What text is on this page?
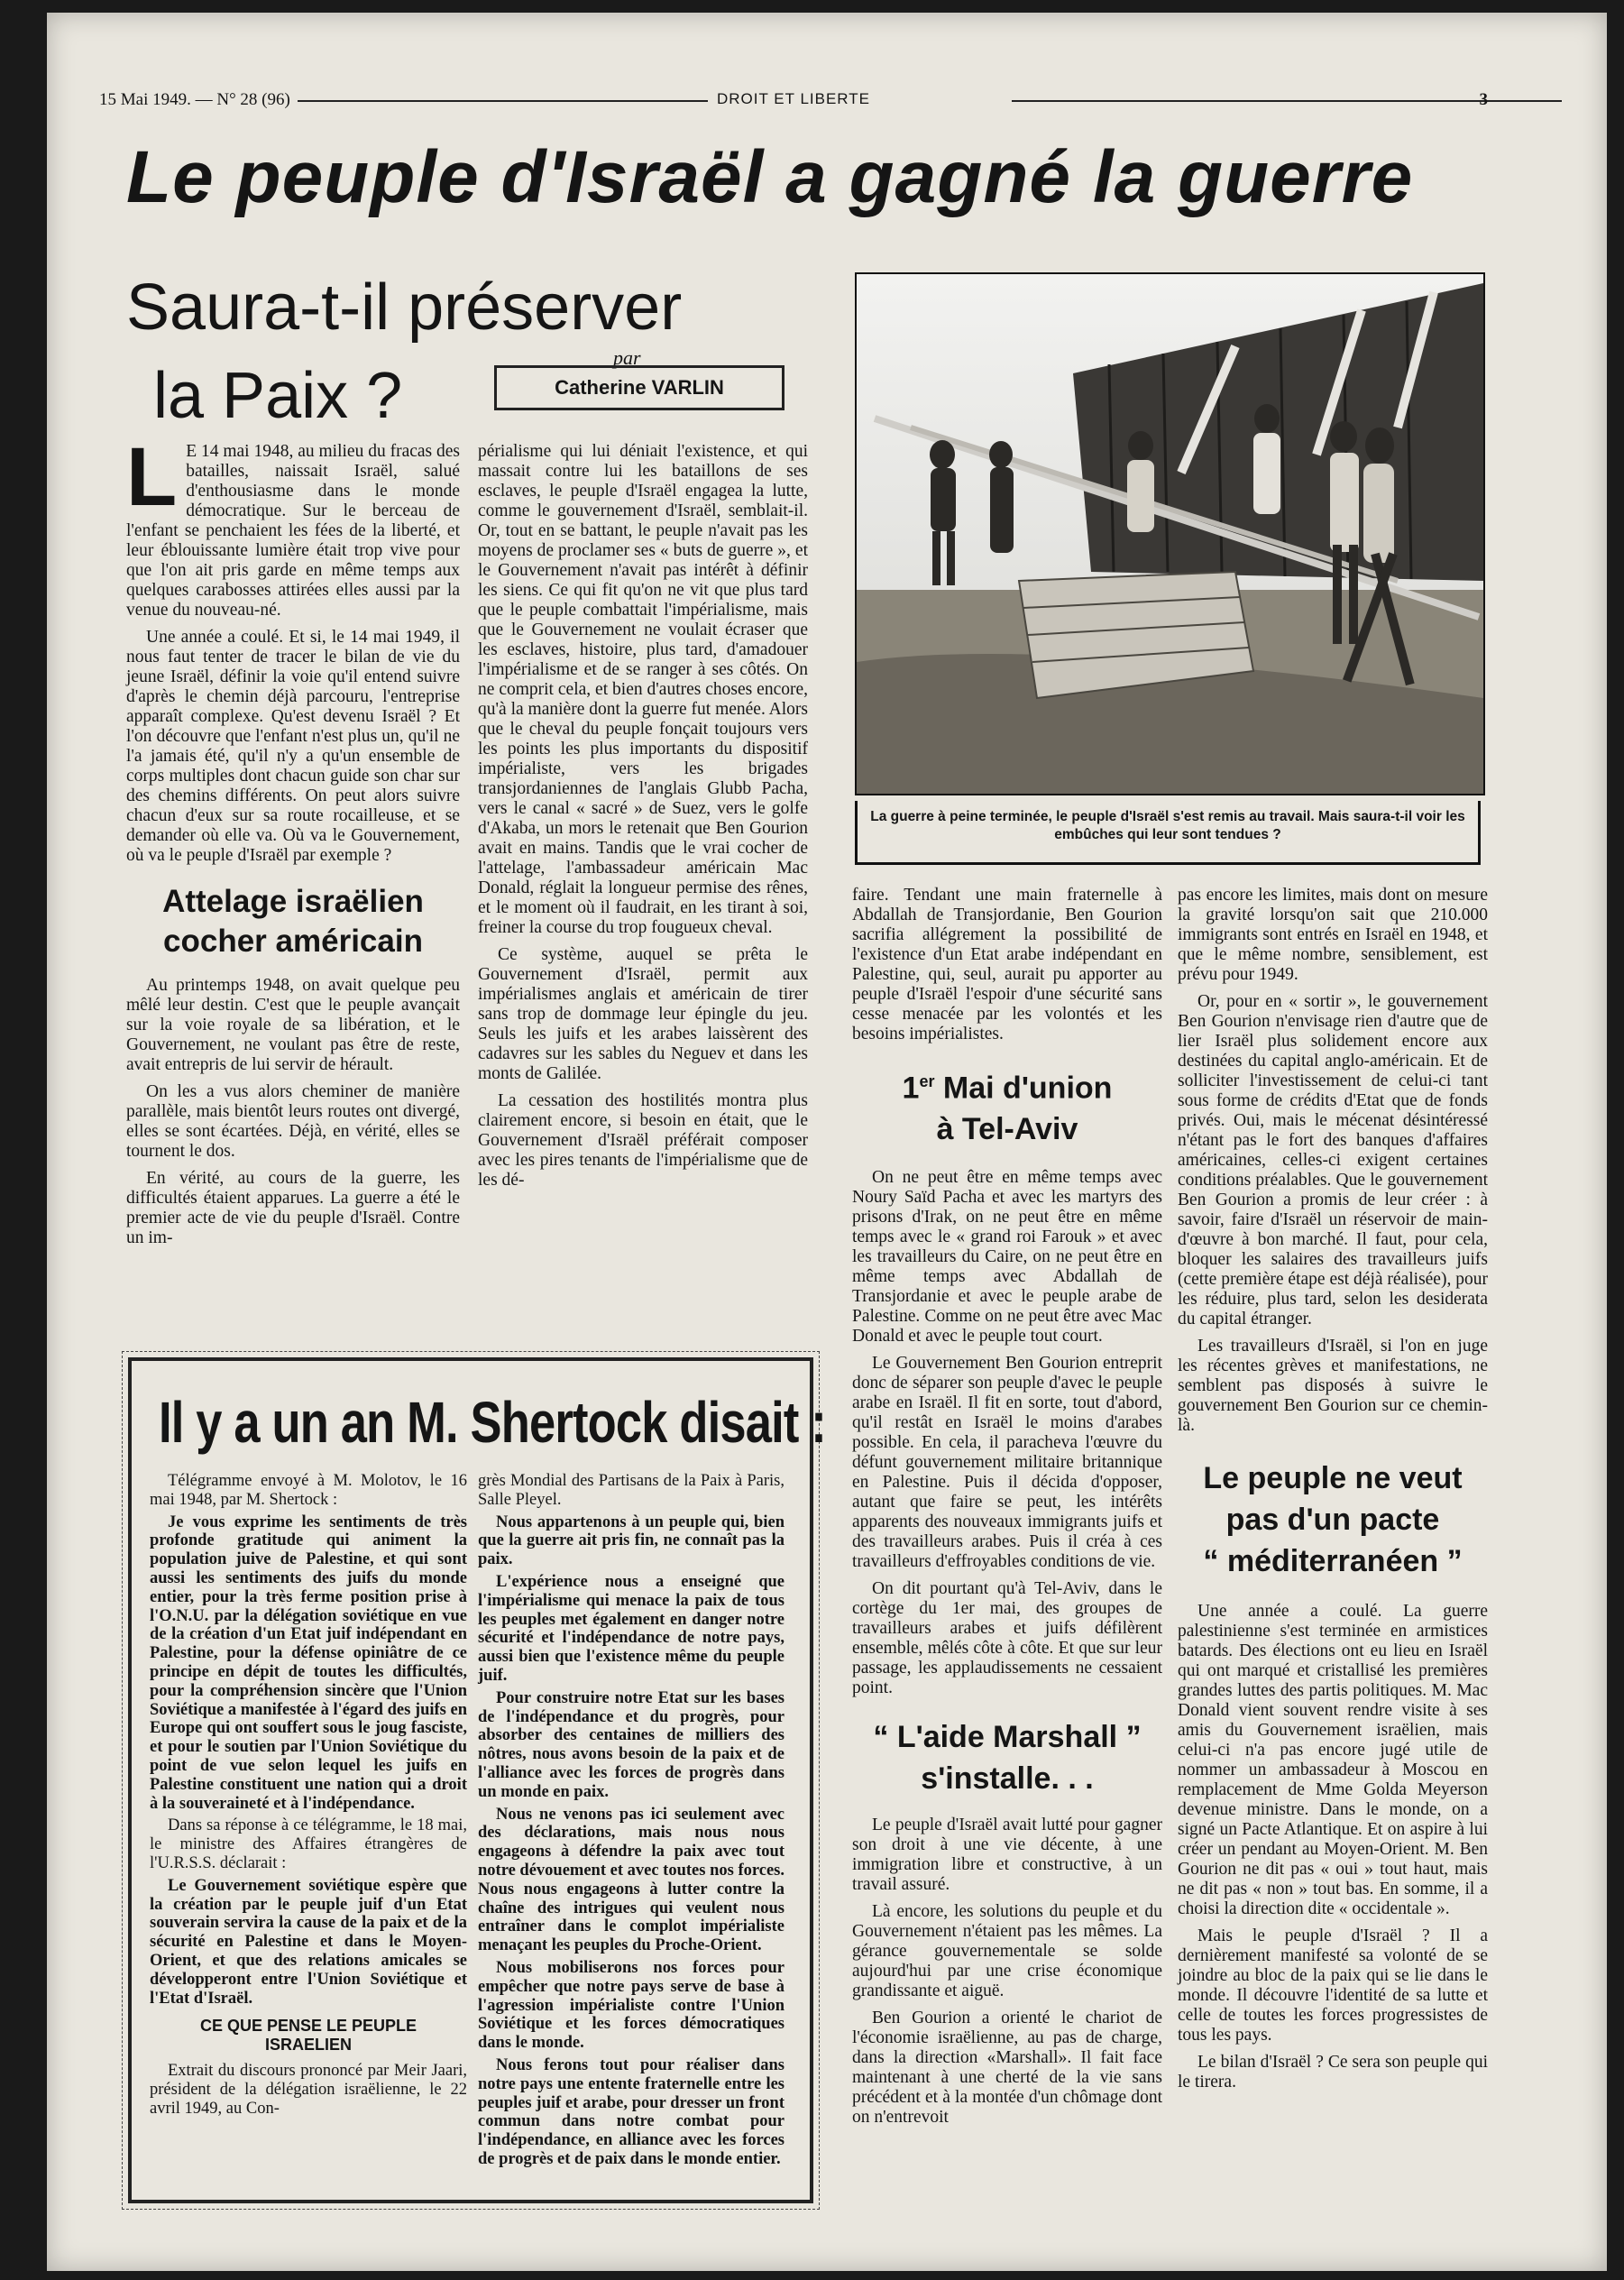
15 Mai 1949. — N° 28 (96)	DROIT ET LIBERTE	3
Le peuple d'Israël a gagné la guerre
Saura-t-il préserver
la Paix ?
par
Catherine VARLIN
La guerre à peine terminée, le peuple d'Israël s'est remis au travail. Mais saura-t-il voir les embûches qui leur sont tendues ?

L E 14 mai 1948, au milieu du fracas des batailles, naissait Israël, salué d'enthousiasme dans le monde démocratique. Sur le berceau de l'enfant se penchaient les fées de la liberté, et leur éblouissante lumière était trop vive pour que l'on ait pris garde en même temps aux quelques carabosses attirées elles aussi par la venue du nouveau-né.

Une année a coulé. Et si, le 14 mai 1949, il nous faut tenter de tracer le bilan de vie du jeune Israël, définir la voie qu'il entend suivre d'après le chemin déjà parcouru, l'entreprise apparaît complexe. Qu'est devenu Israël ? Et l'on découvre que l'enfant n'est plus un, qu'il ne l'a jamais été, qu'il n'y a qu'un ensemble de corps multiples dont chacun guide son char sur des chemins différents. On peut alors suivre chacun d'eux sur sa route rocailleuse, et se demander où elle va. Où va le Gouvernement, où va le peuple d'Israël par exemple ?

Attelage israëlien cocher américain

Au printemps 1948, on avait quelque peu mêlé leur destin. C'est que le peuple avançait sur la voie royale de sa libération, et le Gouvernement, ne voulant pas être de reste, avait entrepris de lui servir de hérault.

On les a vus alors cheminer de manière parallèle, mais bientôt leurs routes ont divergé, elles se sont écartées. Déjà, en vérité, elles se tournent le dos.

En vérité, au cours de la guerre, les difficultés étaient apparues. La guerre a été le premier acte de vie du peuple d'Israël. Contre un im-

périalisme qui lui déniait l'existence, et qui massait contre lui les bataillons de ses esclaves, le peuple d'Israël engagea la lutte, comme le gouvernement d'Israël, semblait-il. Or, tout en se battant, le peuple n'avait pas les moyens de proclamer ses « buts de guerre », et le Gouvernement n'avait pas intérêt à définir les siens. Ce qui fit qu'on ne vit que plus tard que le peuple combattait l'impérialisme, mais que le Gouvernement ne voulait écraser que les esclaves, histoire, plus tard, d'amadouer l'impérialisme et de se ranger à ses côtés. On ne comprit cela, et bien d'autres choses encore, qu'à la manière dont la guerre fut menée. Alors que le cheval du peuple fonçait toujours vers les points les plus importants du dispositif impérialiste, vers les brigades transjordaniennes de l'anglais Glubb Pacha, vers le canal « sacré » de Suez, vers le golfe d'Akaba, un mors le retenait que Ben Gourion avait en mains. Tandis que le vrai cocher de l'attelage, l'ambassadeur américain Mac Donald, réglait la longueur permise des rênes, et le moment où il faudrait, en les tirant à soi, freiner la course du trop fougueux cheval.

Ce système, auquel se prêta le Gouvernement d'Israël, permit aux impérialismes anglais et américain de tirer sans trop de dommage leur épingle du jeu. Seuls les juifs et les arabes laissèrent des cadavres sur les sables du Neguev et dans les monts de Galilée.

La cessation des hostilités montra plus clairement encore, si besoin en était, que le Gouvernement d'Israël préférait composer avec les pires tenants de l'impérialisme que de les dé-

faire. Tendant une main fraternelle à Abdallah de Transjordanie, Ben Gourion sacrifia allégrement la possibilité de l'existence d'un Etat arabe indépendant en Palestine, qui, seul, aurait pu apporter au peuple d'Israël l'espoir d'une sécurité sans cesse menacée par les volontés et les besoins impérialistes.

1er Mai d'union
à Tel-Aviv

On ne peut être en même temps avec Noury Saïd Pacha et avec les martyrs des prisons d'Irak, on ne peut être en même temps avec le « grand roi Farouk » et avec les travailleurs du Caire, on ne peut être en même temps avec Abdallah de Transjordanie et avec le peuple arabe de Palestine. Comme on ne peut être avec Mac Donald et avec le peuple tout court.

Le Gouvernement Ben Gourion entreprit donc de séparer son peuple d'avec le peuple arabe en Israël. Il fit en sorte, tout d'abord, qu'il restât en Israël le moins d'arabes possible. En cela, il paracheva l'œuvre du défunt gouvernement militaire britannique en Palestine. Puis il décida d'opposer, autant que faire se peut, les intérêts apparents des nouveaux immigrants juifs et des travailleurs arabes. Puis il créa à ces travailleurs d'effroyables conditions de vie.

On dit pourtant qu'à Tel-Aviv, dans le cortège du 1er mai, des groupes de travailleurs arabes et juifs défilèrent ensemble, mêlés côte à côte. Et que sur leur passage, les applaudissements ne cessaient point.

“ L'aide Marshall ”
s'installe. . .

Le peuple d'Israël avait lutté pour gagner son droit à une vie décente, à une immigration libre et constructive, à un travail assuré.

Là encore, les solutions du peuple et du Gouvernement n'étaient pas les mêmes. La gérance gouvernementale se solde aujourd'hui par une crise économique grandissante et aiguë.

Ben Gourion a orienté le chariot de l'économie israëlienne, au pas de charge, dans la direction «Marshall». Il fait face maintenant à une cherté de la vie sans précédent et à la montée d'un chômage dont on n'entrevoit

pas encore les limites, mais dont on mesure la gravité lorsqu'on sait que 210.000 immigrants sont entrés en Israël en 1948, et que le même nombre, sensiblement, est prévu pour 1949.

Or, pour en « sortir », le gouvernement Ben Gourion n'envisage rien d'autre que de lier Israël plus solidement encore aux destinées du capital anglo-américain. Et de solliciter l'investissement de celui-ci tant sous forme de crédits d'Etat que de fonds privés. Oui, mais le mécenat désintéressé n'étant pas le fort des banques d'affaires américaines, celles-ci exigent certaines conditions préalables. Que le gouvernement Ben Gourion a promis de leur créer : à savoir, faire d'Israël un réservoir de main-d'œuvre à bon marché. Il faut, pour cela, bloquer les salaires des travailleurs juifs (cette première étape est déjà réalisée), pour les réduire, plus tard, selon les desiderata du capital étranger.

Les travailleurs d'Israël, si l'on en juge les récentes grèves et manifestations, ne semblent pas disposés à suivre le gouvernement Ben Gourion sur ce chemin-là.

Le peuple ne veut
pas d'un pacte
“ méditerranéen ”

Une année a coulé. La guerre palestinienne s'est terminée en armistices batards. Des élections ont eu lieu en Israël qui ont marqué et cristallisé les premières grandes luttes des partis politiques. M. Mac Donald vient souvent rendre visite à ses amis du Gouvernement israëlien, mais celui-ci n'a pas encore jugé utile de nommer un ambassadeur à Moscou en remplacement de Mme Golda Meyerson devenue ministre. Dans le monde, on a signé un Pacte Atlantique. Et on aspire à lui créer un pendant au Moyen-Orient. M. Ben Gourion ne dit pas « oui » tout haut, mais ne dit pas « non » tout bas. En somme, il a choisi la direction dite « occidentale ».

Mais le peuple d'Israël ? Il a dernièrement manifesté sa volonté de se joindre au bloc de la paix qui se lie dans le monde. Il découvre l'identité de sa lutte et celle de toutes les forces progressistes de tous les pays.

Le bilan d'Israël ? Ce sera son peuple qui le tirera.

Il y a un an M. Shertock disait :

Télégramme envoyé à M. Molotov, le 16 mai 1948, par M. Shertock :

Je vous exprime les sentiments de très profonde gratitude qui animent la population juive de Palestine, et qui sont aussi les sentiments des juifs du monde entier, pour la très ferme position prise à l'O.N.U. par la délégation soviétique en vue de la création d'un Etat juif indépendant en Palestine, pour la défense opiniâtre de ce principe en dépit de toutes les difficultés, pour la compréhension sincère que l'Union Soviétique a manifestée à l'égard des juifs en Europe qui ont souffert sous le joug fasciste, et pour le soutien par l'Union Soviétique du point de vue selon lequel les juifs en Palestine constituent une nation qui a droit à la souveraineté et à l'indépendance.

Dans sa réponse à ce télégramme, le 18 mai, le ministre des Affaires étrangères de l'U.R.S.S. déclarait :

Le Gouvernement soviétique espère que la création par le peuple juif d'un Etat souverain servira la cause de la paix et de la sécurité en Palestine et dans le Moyen-Orient, et que des relations amicales se développeront entre l'Union Soviétique et l'Etat d'Israël.

CE QUE PENSE LE PEUPLE
ISRAELIEN

Extrait du discours prononcé par Meir Jaari, président de la délégation israëlienne, le 22 avril 1949, au Con-

grès Mondial des Partisans de la Paix à Paris, Salle Pleyel.

Nous appartenons à un peuple qui, bien que la guerre ait pris fin, ne connaît pas la paix.

L'expérience nous a enseigné que l'impérialisme qui menace la paix de tous les peuples met également en danger notre sécurité et l'indépendance de notre pays, aussi bien que l'existence même du peuple juif.

Pour construire notre Etat sur les bases de l'indépendance et du progrès, pour absorber des centaines de milliers des nôtres, nous avons besoin de la paix et de l'alliance avec les forces de progrès dans un monde en paix.

Nous ne venons pas ici seulement avec des déclarations, mais nous nous engageons à défendre la paix avec tout notre dévouement et avec toutes nos forces. Nous nous engageons à lutter contre la chaîne des intrigues qui veulent nous entraîner dans le complot impérialiste menaçant les peuples du Proche-Orient.

Nous mobiliserons nos forces pour empêcher que notre pays serve de base à l'agression impérialiste contre l'Union Soviétique et les forces démocratiques dans le monde.

Nous ferons tout pour réaliser dans notre pays une entente fraternelle entre les peuples juif et arabe, pour dresser un front commun dans notre combat pour l'indépendance, en alliance avec les forces de progrès et de paix dans le monde entier.
